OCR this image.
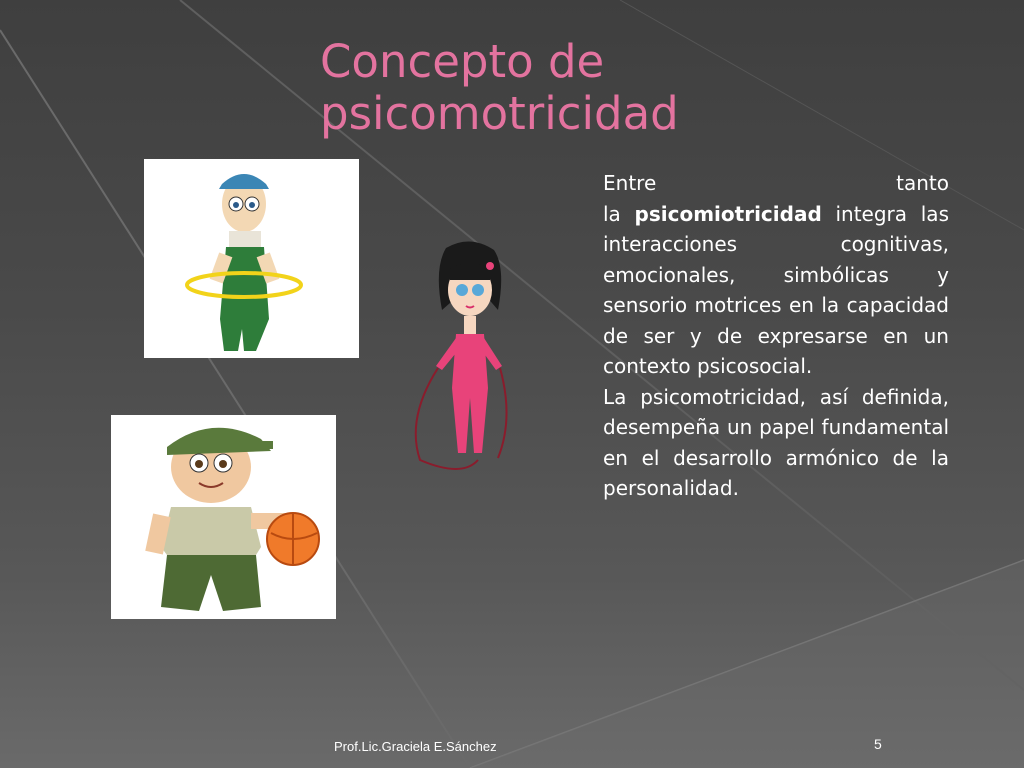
Concepto de
psicomotricidad

Entre tanto

la psicomiotricidad integra las interacciones cognitivas, emocionales, simbólicas y sensorio motrices en la capacidad de ser y de expresarse en un contexto psicosocial.

La psicomotricidad, así definida, desempeña un papel fundamental en el desarrollo armónico de la personalidad.

Prof.Lic.Graciela E.Sánchez	5
